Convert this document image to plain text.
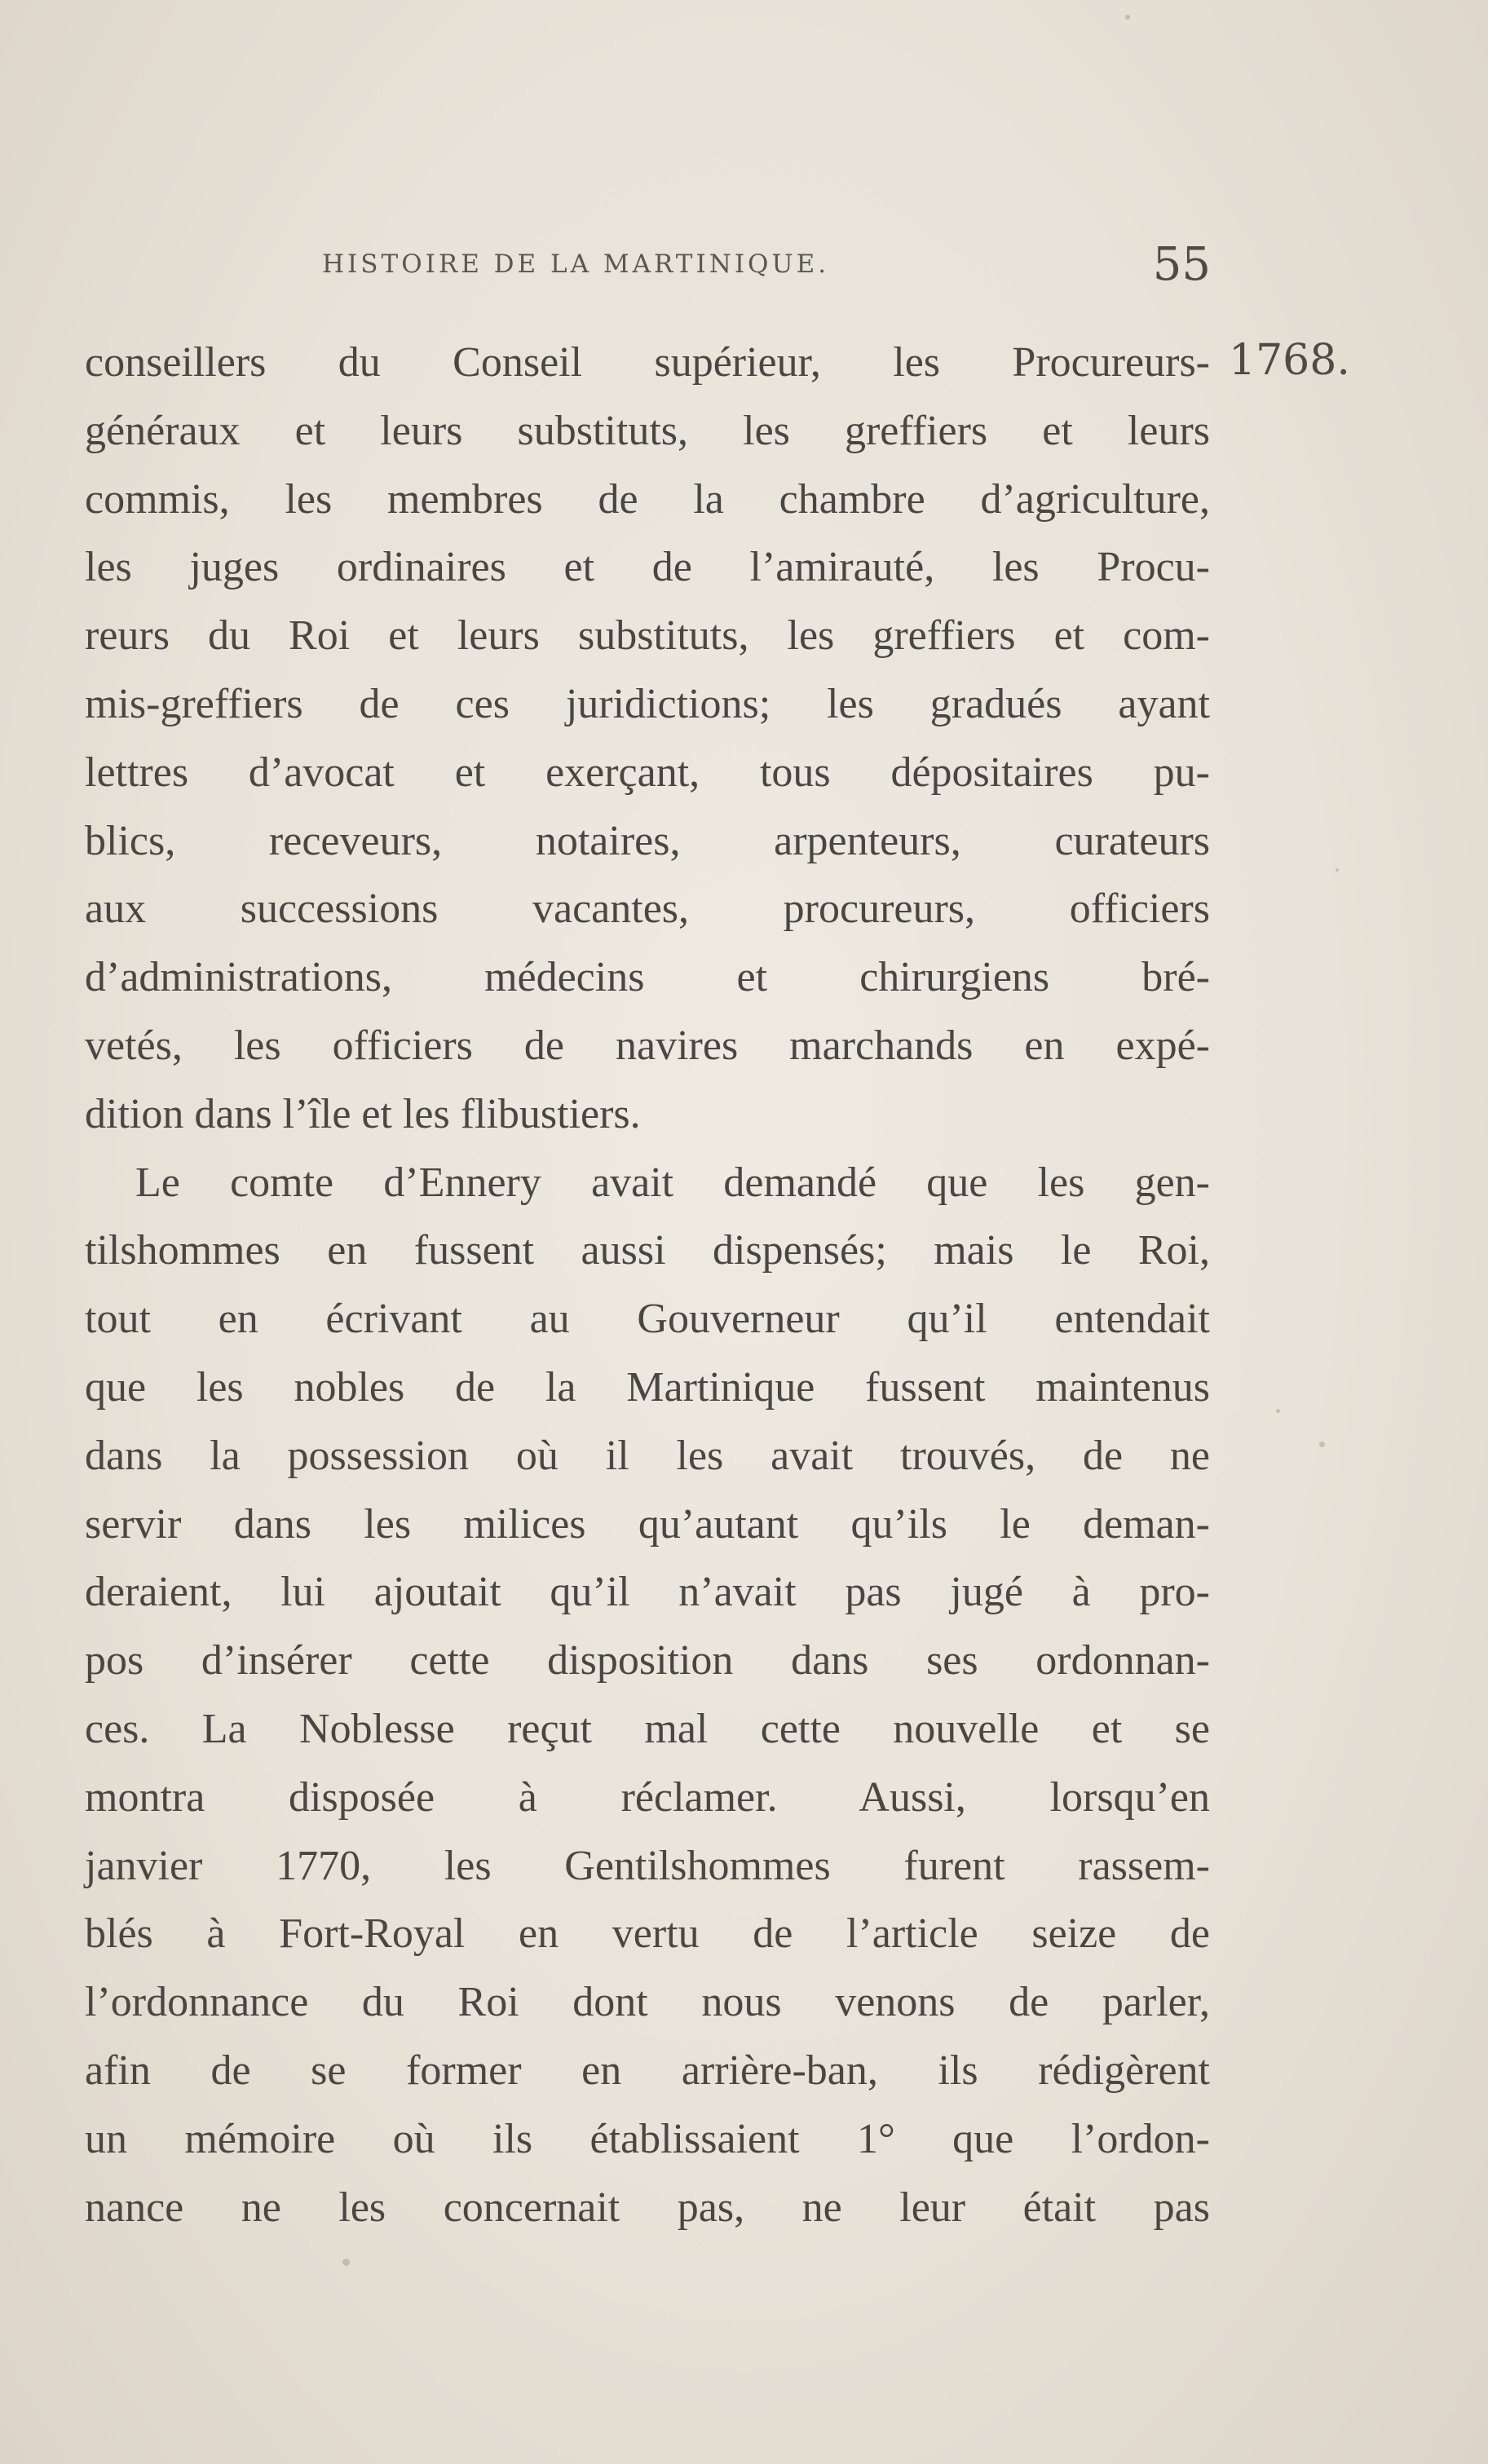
HISTOIRE DE LA MARTINIQUE.	55
1768.
conseillers du Conseil supérieur, les Procureurs-
généraux et leurs substituts, les greffiers et leurs
commis, les membres de la chambre d’agriculture,
les juges ordinaires et de l’amirauté, les Procu-
reurs du Roi et leurs substituts, les greffiers et com-
mis-greffiers de ces juridictions; les gradués ayant
lettres d’avocat et exerçant, tous dépositaires pu-
blics, receveurs, notaires, arpenteurs, curateurs
aux successions vacantes, procureurs, officiers
d’administrations, médecins et chirurgiens bré-
vetés, les officiers de navires marchands en expé-
dition dans l’île et les flibustiers.
Le comte d’Ennery avait demandé que les gen-
tilshommes en fussent aussi dispensés; mais le Roi,
tout en écrivant au Gouverneur qu’il entendait
que les nobles de la Martinique fussent maintenus
dans la possession où il les avait trouvés, de ne
servir dans les milices qu’autant qu’ils le deman-
deraient, lui ajoutait qu’il n’avait pas jugé à pro-
pos d’insérer cette disposition dans ses ordonnan-
ces. La Noblesse reçut mal cette nouvelle et se
montra disposée à réclamer. Aussi, lorsqu’en
janvier 1770, les Gentilshommes furent rassem-
blés à Fort-Royal en vertu de l’article seize de
l’ordonnance du Roi dont nous venons de parler,
afin de se former en arrière-ban, ils rédigèrent
un mémoire où ils établissaient 1° que l’ordon-
nance ne les concernait pas, ne leur était pas
